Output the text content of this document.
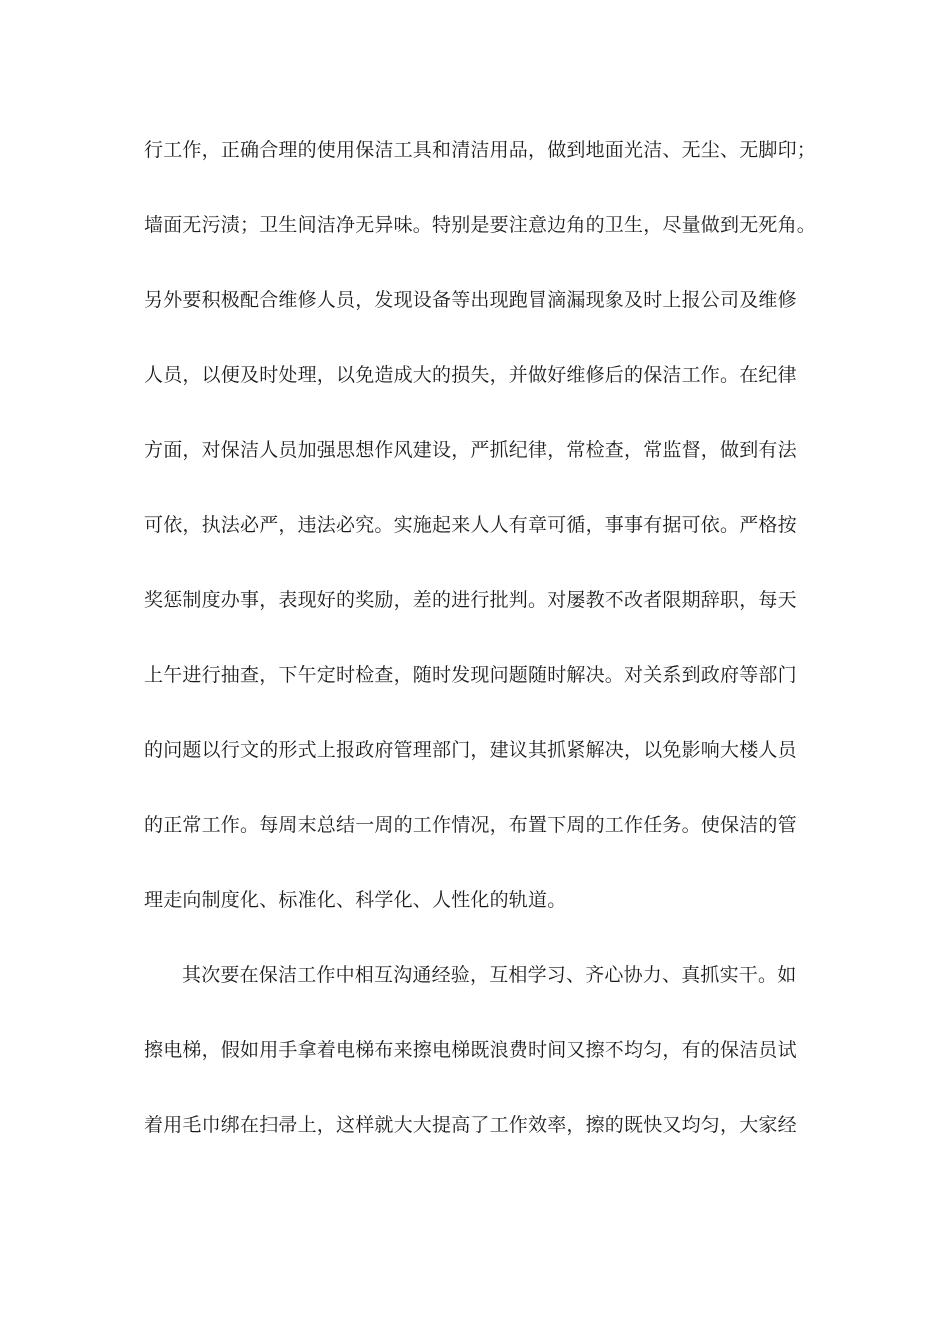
行工作，正确合理的使用保洁工具和清洁用品，做到地面光洁、无尘、无脚印；
墙面无污渍；卫生间洁净无异味。特别是要注意边角的卫生，尽量做到无死角。
另外要积极配合维修人员，发现设备等出现跑冒滴漏现象及时上报公司及维修
人员，以便及时处理，以免造成大的损失，并做好维修后的保洁工作。在纪律
方面，对保洁人员加强思想作风建设，严抓纪律，常检查，常监督，做到有法
可依，执法必严，违法必究。实施起来人人有章可循，事事有据可依。严格按
奖惩制度办事，表现好的奖励，差的进行批判。对屡教不改者限期辞职，每天
上午进行抽查，下午定时检查，随时发现问题随时解决。对关系到政府等部门
的问题以行文的形式上报政府管理部门，建议其抓紧解决，以免影响大楼人员
的正常工作。每周末总结一周的工作情况，布置下周的工作任务。使保洁的管
理走向制度化、标准化、科学化、人性化的轨道。
其次要在保洁工作中相互沟通经验，互相学习、齐心协力、真抓实干。如
擦电梯，假如用手拿着电梯布来擦电梯既浪费时间又擦不均匀，有的保洁员试
着用毛巾绑在扫帚上，这样就大大提高了工作效率，擦的既快又均匀，大家经
